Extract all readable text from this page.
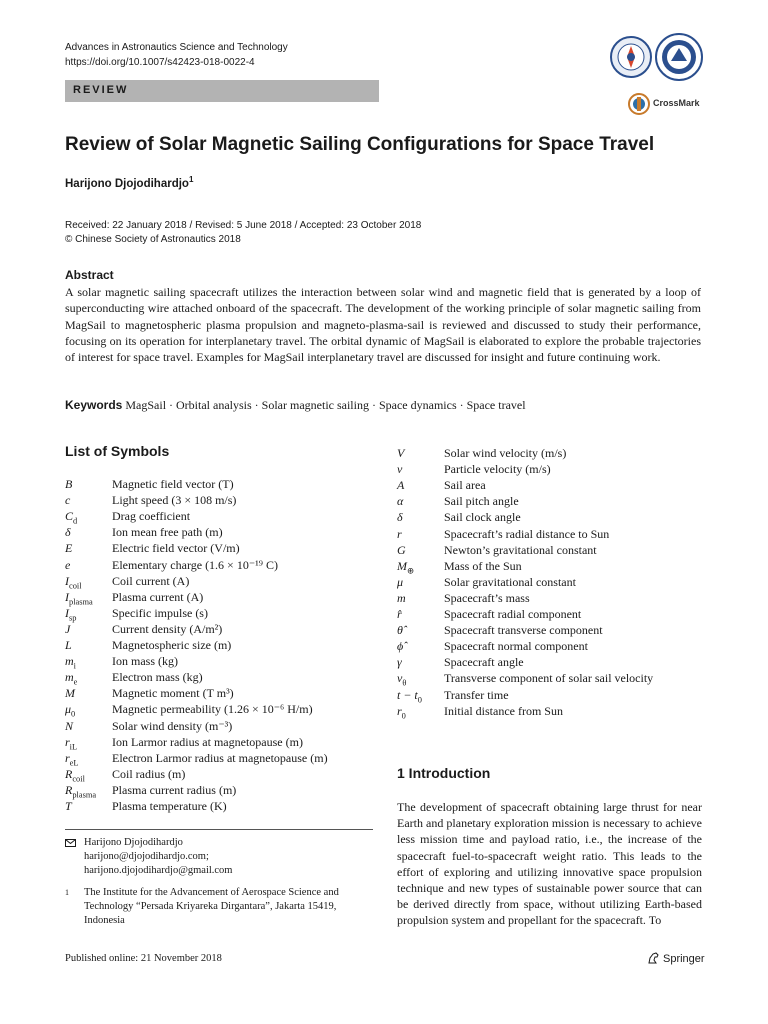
Advances in Astronautics Science and Technology
https://doi.org/10.1007/s42423-018-0022-4
REVIEW
CrossMark
Review of Solar Magnetic Sailing Configurations for Space Travel
Harijono Djojodihardjo$^1$
Received: 22 January 2018 / Revised: 5 June 2018 / Accepted: 23 October 2018
© Chinese Society of Astronautics 2018
Abstract
A solar magnetic sailing spacecraft utilizes the interaction between solar wind and magnetic field that is generated by a loop of superconducting wire attached onboard of the spacecraft. The development of the working principle of solar magnetic sailing from MagSail to magnetospheric plasma propulsion and magneto-plasma-sail is reviewed and discussed to study their performance, focusing on its operation for interplanetary travel. The orbital dynamic of MagSail is elaborated to explore the probable trajectories of interest for space travel. Examples for MagSail interplanetary travel are discussed for insight and future continuing work.
Keywords MagSail · Orbital analysis · Solar magnetic sailing · Space dynamics · Space travel
List of Symbols
B	Magnetic field vector (T)
c	Light speed (3 × 108 m/s)
$C_d$	Drag coefficient
δ	Ion mean free path (m)
E	Electric field vector (V/m)
e	Elementary charge (1.6 × 10⁻¹⁹ C)
$I_{coil}$	Coil current (A)
$I_{plasma}$ Plasma current (A)
$I_{sp}$	Specific impulse (s)
J	Current density (A/m²)
L	Magnetospheric size (m)
$m_i$	Ion mass (kg)
$m_e$	Electron mass (kg)
M	Magnetic moment (T m³)
$\mu_0$	Magnetic permeability (1.26 × 10⁻⁶ H/m)
N	Solar wind density (m⁻³)
$r_{iL}$	Ion Larmor radius at magnetopause (m)
$r_{eL}$	Electron Larmor radius at magnetopause (m)
$R_{coil}$ Coil radius (m)
$R_{plasma}$ Plasma current radius (m)
T	Plasma temperature (K)
V	Solar wind velocity (m/s)
v	Particle velocity (m/s)
A	Sail area
α	Sail pitch angle
δ	Sail clock angle
r	Spacecraft’s radial distance to Sun
G	Newton’s gravitational constant
$M_\oplus$ Mass of the Sun
μ	Solar gravitational constant
m	Spacecraft’s mass
r̂	Spacecraft radial component
θ̂	Spacecraft transverse component
ϕ̂	Spacecraft normal component
γ	Spacecraft angle
$v_\theta$	Transverse component of solar sail velocity
$t - t_0$ Transfer time
$r_0$	Initial distance from Sun
1 Introduction
The development of spacecraft obtaining large thrust for near Earth and planetary exploration mission is necessary to achieve less mission time and payload ratio, i.e., the increase of the spacecraft fuel-to-spacecraft weight ratio. This leads to the effort of exploring and utilizing innovative space propulsion technique and new types of sustainable power source that can be derived directly from space, without utilizing Earth-based propulsion system and propellant for the spacecraft. To
Harijono Djojodihardjo
harijono@djojodihardjo.com;
harijono.djojodihardjo@gmail.com
1	The Institute for the Advancement of Aerospace Science and Technology “Persada Kriyareka Dirgantara”, Jakarta 15419, Indonesia
Published online: 21 November 2018	Springer
